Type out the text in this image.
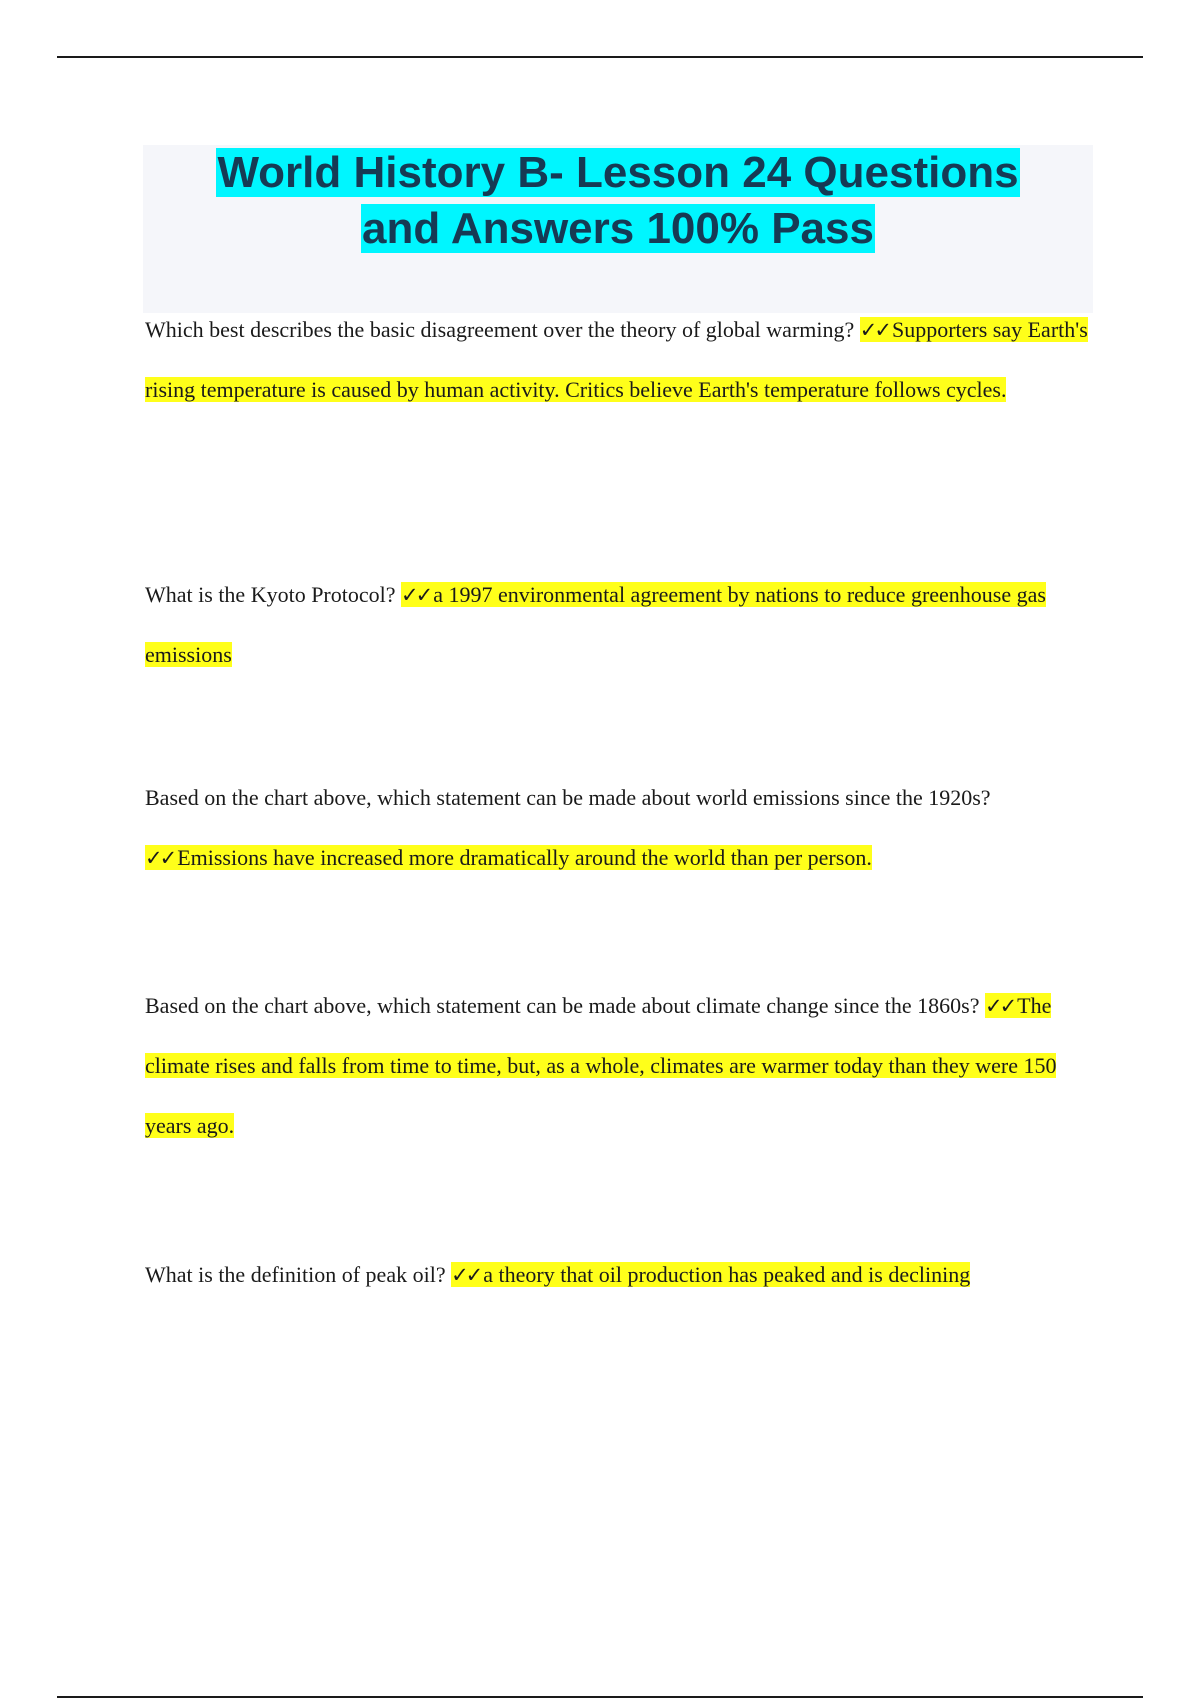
World History B- Lesson 24 Questions
and Answers 100% Pass

Which best describes the basic disagreement over the theory of global warming? ✓✓ Supporters say Earth's rising temperature is caused by human activity. Critics believe Earth's temperature follows cycles.

What is the Kyoto Protocol? ✓✓ a 1997 environmental agreement by nations to reduce greenhouse gas emissions

Based on the chart above, which statement can be made about world emissions since the 1920s? ✓✓ Emissions have increased more dramatically around the world than per person.

Based on the chart above, which statement can be made about climate change since the 1860s? ✓✓ The climate rises and falls from time to time, but, as a whole, climates are warmer today than they were 150 years ago.

What is the definition of peak oil? ✓✓ a theory that oil production has peaked and is declining
